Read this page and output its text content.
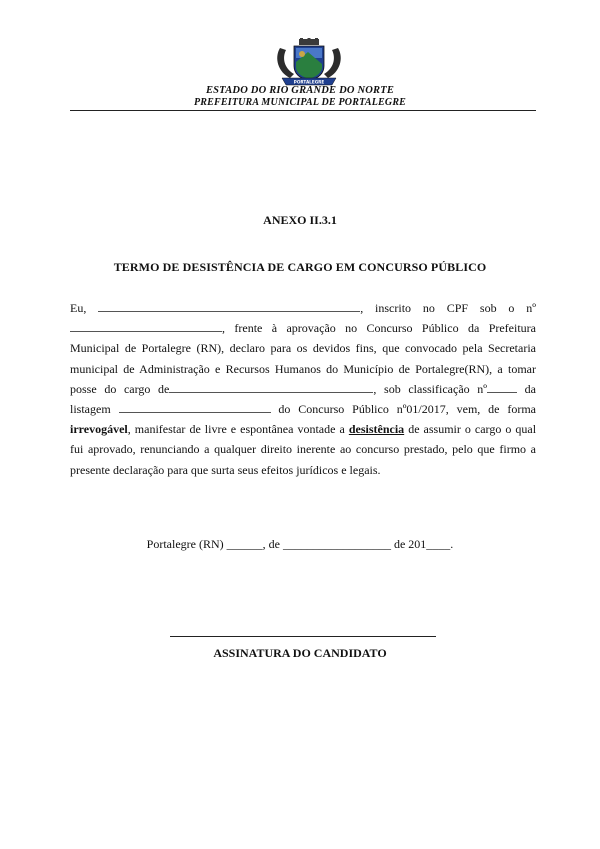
PORTALEGRE
ESTADO DO RIO GRANDE DO NORTE
PREFEITURA MUNICIPAL DE PORTALEGRE
ANEXO II.3.1
TERMO DE DESISTÊNCIA DE CARGO EM CONCURSO PÚBLICO
Eu,	, inscrito no CPF sob o nº
, frente à aprovação no Concurso Público da Prefeitura
Municipal de Portalegre (RN), declaro para os devidos fins, que convocado pela Secretaria
municipal de Administração e Recursos Humanos do Município de Portalegre(RN), a tomar
posse do cargo de	, sob classificação nº	da
listagem	do Concurso Público nº01/2017, vem, de forma
irrevogável, manifestar de livre e espontânea vontade a desistência de assumir o cargo o qual
fui aprovado, renunciando a qualquer direito inerente ao concurso prestado, pelo que firmo a
presente declaração para que surta seus efeitos jurídicos e legais.
Portalegre (RN) ______, de __________________ de 201____.
ASSINATURA DO CANDIDATO
